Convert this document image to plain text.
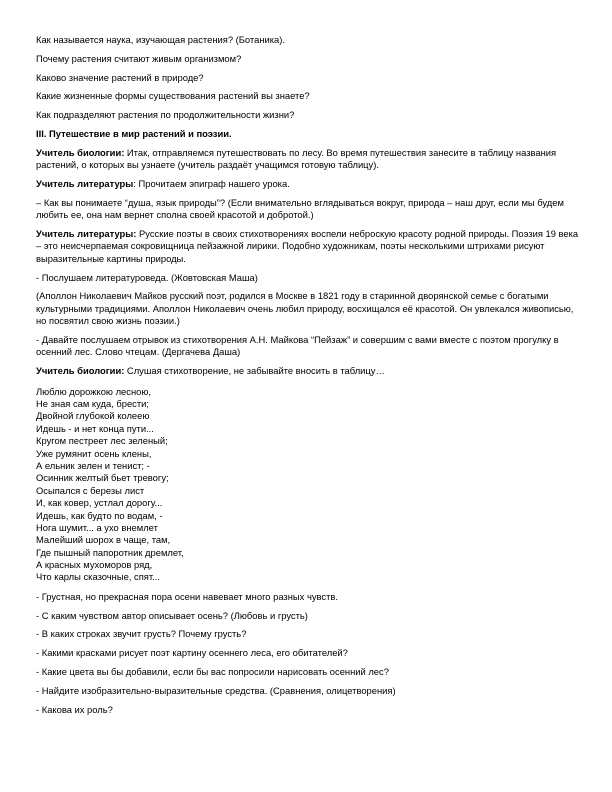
Как называется наука, изучающая растения? (Ботаника).

Почему растения считают живым организмом?

Каково значение растений в природе?

Какие жизненные формы существования растений вы знаете?

Как подразделяют растения по продолжительности жизни?

III. Путешествие в мир растений и поэзии.

Учитель биологии: Итак, отправляемся путешествовать по лесу. Во время путешествия занесите в таблицу названия растений, о которых вы узнаете (учитель раздаёт учащимся готовую таблицу).

Учитель литературы: Прочитаем эпиграф нашего урока.

– Как вы понимаете “душа, язык природы”? (Если внимательно вглядываться вокруг, природа – наш друг, если мы будем любить ее, она нам вернет сполна своей красотой и добротой.)

Учитель литературы: Русские поэты в своих стихотворениях воспели неброскую красоту родной природы. Поэзия 19 века – это неисчерпаемая сокровищница пейзажной лирики. Подобно художникам, поэты несколькими штрихами рисуют выразительные картины природы.

- Послушаем литературоведа. (Жовтовская Маша)

(Аполлон Николаевич Майков русский поэт, родился в Москве в 1821 году в старинной дворянской семье с богатыми культурными традициями. Аполлон Николаевич очень любил природу, восхищался её красотой. Он увлекался живописью, но посвятил свою жизнь поэзии.)

- Давайте послушаем отрывок из стихотворения А.Н. Майкова “Пейзаж” и совершим с вами вместе с поэтом прогулку в осенний лес. Слово чтецам. (Дергачева Даша)

Учитель биологии: Слушая стихотворение, не забывайте вносить в таблицу…

Люблю дорожкою лесною,
Не зная сам куда, брести;
Двойной глубокой колеею
Идешь - и нет конца пути...
Кругом пестреет лес зеленый;
Уже румянит осень клены,
А ельник зелен и тенист; -
Осинник желтый бьет тревогу;
Осыпался с березы лист
И, как ковер, устлал дорогу...
Идешь, как будто по водам, -
Нога шумит... а ухо внемлет
Малейший шорох в чаще, там,
Где пышный папоротник дремлет,
А красных мухоморов ряд,
Что карлы сказочные, спят...

- Грустная, но прекрасная пора осени навевает много разных чувств.

- С каким чувством автор описывает осень? (Любовь и грусть)

- В каких строках звучит грусть? Почему грусть?

- Какими красками рисует поэт картину осеннего леса, его обитателей?

- Какие цвета вы бы добавили, если бы вас попросили нарисовать осенний лес?

- Найдите изобразительно-выразительные средства. (Сравнения, олицетворения)

- Какова их роль?
